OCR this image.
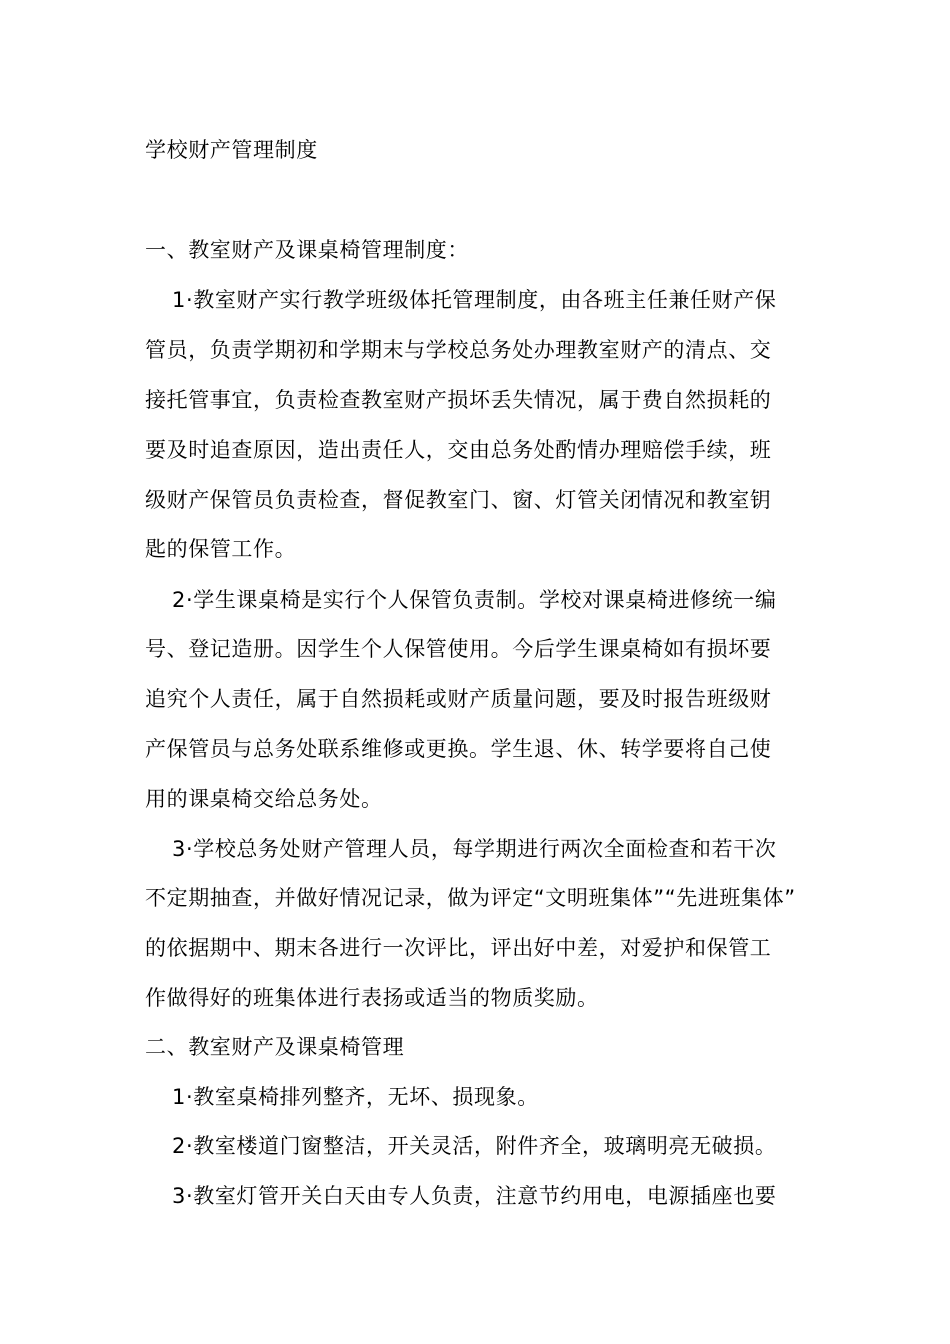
学校财产管理制度
一、教室财产及课桌椅管理制度：
1·教室财产实行教学班级体托管理制度，由各班主任兼任财产保
管员，负责学期初和学期末与学校总务处办理教室财产的清点、交
接托管事宜，负责检查教室财产损坏丢失情况，属于费自然损耗的
要及时追查原因，造出责任人，交由总务处酌情办理赔偿手续，班
级财产保管员负责检查，督促教室门、窗、灯管关闭情况和教室钥
匙的保管工作。
2·学生课桌椅是实行个人保管负责制。学校对课桌椅进修统一编
号、登记造册。因学生个人保管使用。今后学生课桌椅如有损坏要
追究个人责任，属于自然损耗或财产质量问题，要及时报告班级财
产保管员与总务处联系维修或更换。学生退、休、转学要将自己使
用的课桌椅交给总务处。
3·学校总务处财产管理人员，每学期进行两次全面检查和若干次
不定期抽查，并做好情况记录，做为评定“文明班集体”“先进班集体”
的依据期中、期末各进行一次评比，评出好中差，对爱护和保管工
作做得好的班集体进行表扬或适当的物质奖励。
二、教室财产及课桌椅管理
1·教室桌椅排列整齐，无坏、损现象。
2·教室楼道门窗整洁，开关灵活，附件齐全，玻璃明亮无破损。
3·教室灯管开关白天由专人负责，注意节约用电，电源插座也要
